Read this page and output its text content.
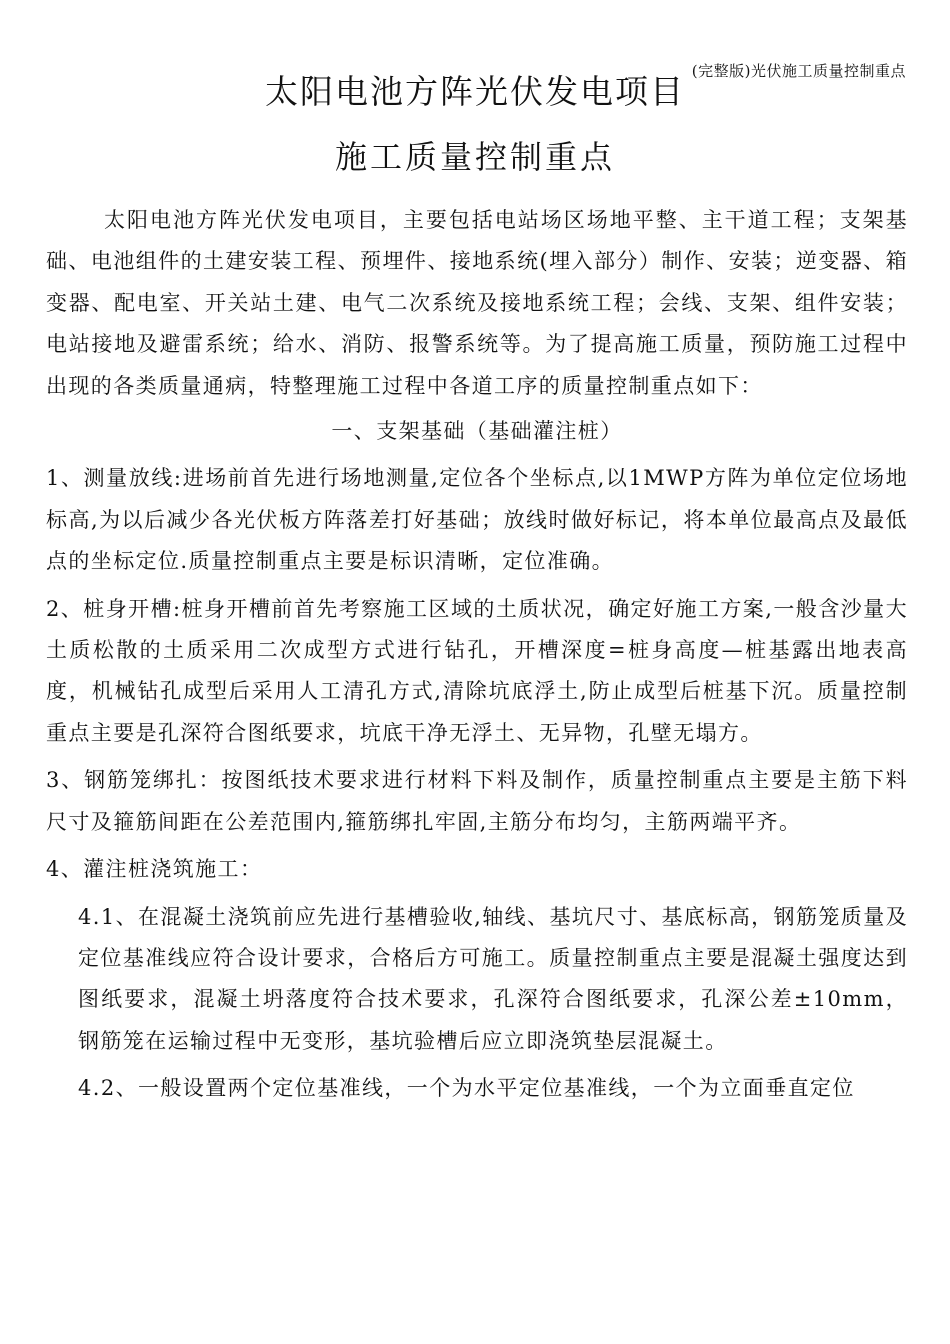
(完整版)光伏施工质量控制重点
太阳电池方阵光伏发电项目
施工质量控制重点

太阳电池方阵光伏发电项目，主要包括电站场区场地平整、主干道工程；支架基础、电池组件的土建安装工程、预埋件、接地系统(埋入部分）制作、安装；逆变器、箱变器、配电室、开关站土建、电气二次系统及接地系统工程；会线、支架、组件安装；电站接地及避雷系统；给水、消防、报警系统等。为了提高施工质量，预防施工过程中出现的各类质量通病，特整理施工过程中各道工序的质量控制重点如下：

一、支架基础（基础灌注桩）

1、测量放线:进场前首先进行场地测量,定位各个坐标点,以1MWP方阵为单位定位场地标高,为以后减少各光伏板方阵落差打好基础；放线时做好标记，将本单位最高点及最低点的坐标定位.质量控制重点主要是标识清晰，定位准确。

2、桩身开槽:桩身开槽前首先考察施工区域的土质状况，确定好施工方案,一般含沙量大土质松散的土质采用二次成型方式进行钻孔，开槽深度=桩身高度—桩基露出地表高度，机械钻孔成型后采用人工清孔方式,清除坑底浮土,防止成型后桩基下沉。质量控制重点主要是孔深符合图纸要求，坑底干净无浮土、无异物，孔壁无塌方。

3、钢筋笼绑扎：按图纸技术要求进行材料下料及制作，质量控制重点主要是主筋下料尺寸及箍筋间距在公差范围内,箍筋绑扎牢固,主筋分布均匀，主筋两端平齐。

4、灌注桩浇筑施工：

4.1、在混凝土浇筑前应先进行基槽验收,轴线、基坑尺寸、基底标高，钢筋笼质量及定位基准线应符合设计要求，合格后方可施工。质量控制重点主要是混凝土强度达到图纸要求，混凝土坍落度符合技术要求，孔深符合图纸要求，孔深公差±10mm，钢筋笼在运输过程中无变形，基坑验槽后应立即浇筑垫层混凝土。

4.2、一般设置两个定位基准线，一个为水平定位基准线，一个为立面垂直定位
